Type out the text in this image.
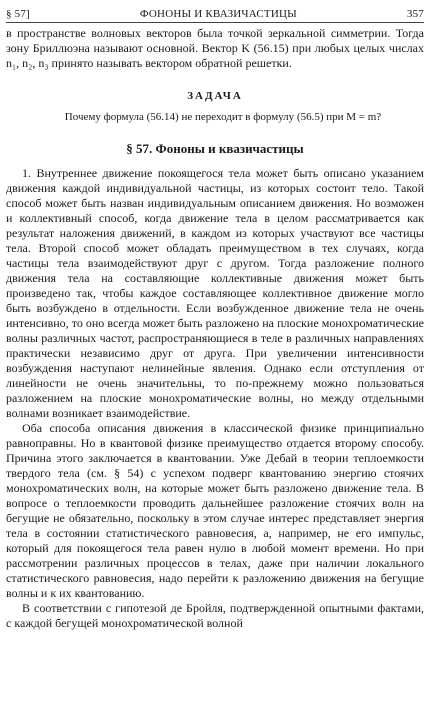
§ 57]	ФОНОНЫ И КВАЗИЧАСТИЦЫ	357

в пространстве волновых векторов была точкой зеркальной симметрии. Тогда зону Бриллюэна называют основной. Вектор K (56.15) при любых целых числах n₁, n₂, n₃ принято называть вектором обратной решетки.

ЗАДАЧА

Почему формула (56.14) не переходит в формулу (56.5) при M = m?

§ 57. Фононы и квазичастицы

1. Внутреннее движение покоящегося тела может быть описано указанием движения каждой индивидуальной частицы, из которых состоит тело. Такой способ может быть назван индивидуальным описанием движения. Но возможен и коллективный способ, когда движение тела в целом рассматривается как результат наложения движений, в каждом из которых участвуют все частицы тела. Второй способ может обладать преимуществом в тех случаях, когда частицы тела взаимодействуют друг с другом. Тогда разложение полного движения тела на составляющие коллективные движения может быть произведено так, чтобы каждое составляющее коллективное движение могло быть возбуждено в отдельности. Если возбужденное движение тела не очень интенсивно, то оно всегда может быть разложено на плоские монохроматические волны различных частот, распространяющиеся в теле в различных направлениях практически независимо друг от друга. При увеличении интенсивности возбуждения наступают нелинейные явления. Однако если отступления от линейности не очень значительны, то по-прежнему можно пользоваться разложением на плоские монохроматические волны, но между отдельными волнами возникает взаимодействие.

Оба способа описания движения в классической физике принципиально равноправны. Но в квантовой физике преимущество отдается второму способу. Причина этого заключается в квантовании. Уже Дебай в теории теплоемкости твердого тела (см. § 54) с успехом подверг квантованию энергию стоячих монохроматических волн, на которые может быть разложено движение тела. В вопросе о теплоемкости проводить дальнейшее разложение стоячих волн на бегущие не обязательно, поскольку в этом случае интерес представляет энергия тела в состоянии статистического равновесия, а, например, не его импульс, который для покоящегося тела равен нулю в любой момент времени. Но при рассмотрении различных процессов в телах, даже при наличии локального статистического равновесия, надо перейти к разложению движения на бегущие волны и к их квантованию.

В соответствии с гипотезой де Бройля, подтвержденной опытными фактами, с каждой бегущей монохроматической волной
